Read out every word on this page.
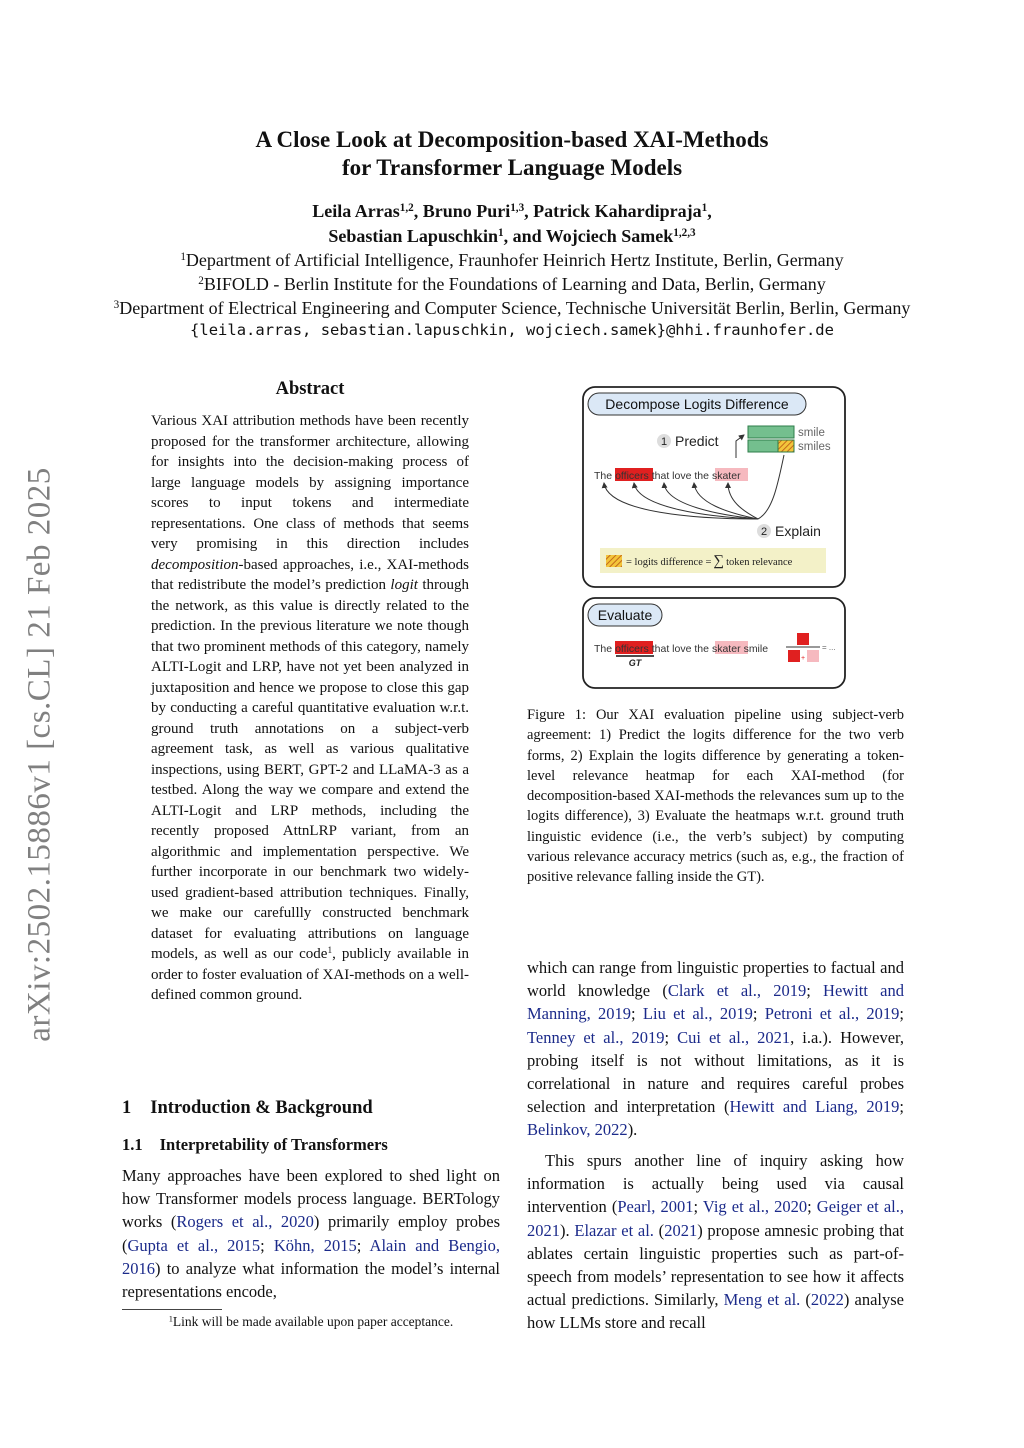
A Close Look at Decomposition-based XAI-Methods
for Transformer Language Models
Leila Arras$^{1,2}$, Bruno Puri$^{1,3}$, Patrick Kahardipraja$^1$,
Sebastian Lapuschkin$^1$, and Wojciech Samek$^{1,2,3}$
$^1$Department of Artificial Intelligence, Fraunhofer Heinrich Hertz Institute, Berlin, Germany
$^2$BIFOLD - Berlin Institute for the Foundations of Learning and Data, Berlin, Germany
$^3$Department of Electrical Engineering and Computer Science, Technische Universität Berlin, Berlin, Germany
{leila.arras, sebastian.lapuschkin, wojciech.samek}@hhi.fraunhofer.de
arXiv:2502.15886v1 [cs.CL] 21 Feb 2025
Abstract

Various XAI attribution methods have been recently proposed for the transformer architecture, allowing for insights into the decision-making process of large language models by assigning importance scores to input tokens and intermediate representations. One class of methods that seems very promising in this direction includes decomposition-based approaches, i.e., XAI-methods that redistribute the model’s prediction logit through the network, as this value is directly related to the prediction. In the previous literature we note though that two prominent methods of this category, namely ALTI-Logit and LRP, have not yet been analyzed in juxtaposition and hence we propose to close this gap by conducting a careful quantitative evaluation w.r.t. ground truth annotations on a subject-verb agreement task, as well as various qualitative inspections, using BERT, GPT-2 and LLaMA-3 as a testbed. Along the way we compare and extend the ALTI-Logit and LRP methods, including the recently proposed AttnLRP variant, from an algorithmic and implementation perspective. We further incorporate in our benchmark two widely-used gradient-based attribution techniques. Finally, we make our carefullly constructed benchmark dataset for evaluating attributions on language models, as well as our code$^1$, publicly available in order to foster evaluation of XAI-methods on a well-defined common ground.

1 Introduction & Background
1.1 Interpretability of Transformers

Many approaches have been explored to shed light on how Transformer models process language. BERTology works (Rogers et al., 2020) primarily employ probes (Gupta et al., 2015; Köhn, 2015; Alain and Bengio, 2016) to analyze what information the model’s internal representations encode,

$^1$Link will be made available upon paper acceptance.
Decompose Logits Difference
1 Predict	smile
smiles
The officers that love the skater
2 Explain
= logits difference = ∑ token relevance
Evaluate
The officers that love the skater smile
GT	+
= ...
Figure 1: Our XAI evaluation pipeline using subject-verb agreement: 1) Predict the logits difference for the two verb forms, 2) Explain the logits difference by generating a token-level relevance heatmap for each XAI-method (for decomposition-based XAI-methods the relevances sum up to the logits difference), 3) Evaluate the heatmaps w.r.t. ground truth linguistic evidence (i.e., the verb’s subject) by computing various relevance accuracy metrics (such as, e.g., the fraction of positive relevance falling inside the GT).

which can range from linguistic properties to factual and world knowledge (Clark et al., 2019; Hewitt and Manning, 2019; Liu et al., 2019; Petroni et al., 2019; Tenney et al., 2019; Cui et al., 2021, i.a.). However, probing itself is not without limitations, as it is correlational in nature and requires careful probes selection and interpretation (Hewitt and Liang, 2019; Belinkov, 2022).

This spurs another line of inquiry asking how information is actually being used via causal intervention (Pearl, 2001; Vig et al., 2020; Geiger et al., 2021). Elazar et al. (2021) propose amnesic probing that ablates certain linguistic properties such as part-of-speech from models’ representation to see how it affects actual predictions. Similarly, Meng et al. (2022) analyse how LLMs store and recall
